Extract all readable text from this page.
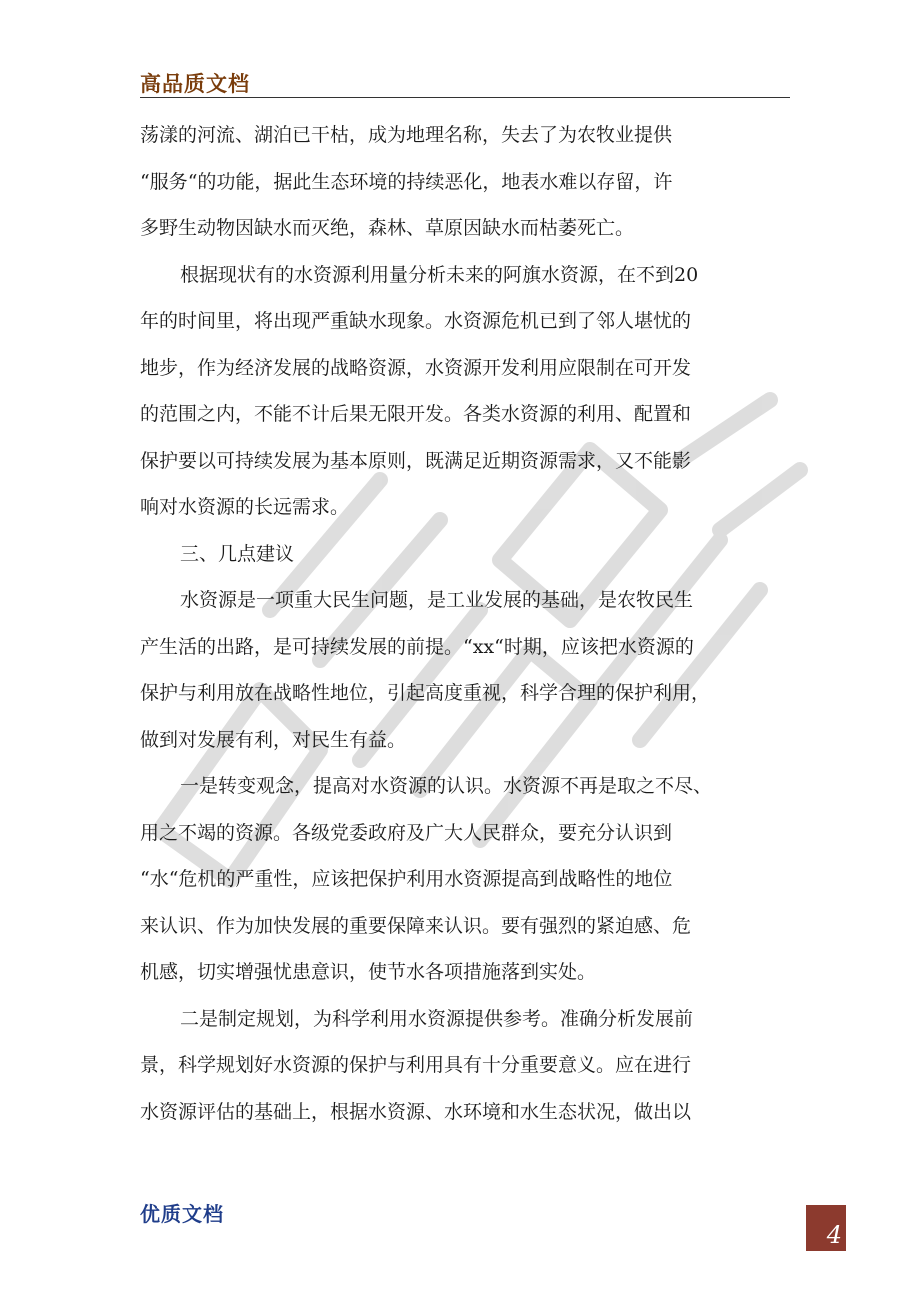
高品质文档
荡漾的河流、湖泊已干枯，成为地理名称，失去了为农牧业提供
“服务“的功能，据此生态环境的持续恶化，地表水难以存留，许
多野生动物因缺水而灭绝，森林、草原因缺水而枯萎死亡。
根据现状有的水资源利用量分析未来的阿旗水资源，在不到20
年的时间里，将出现严重缺水现象。水资源危机已到了邻人堪忧的
地步，作为经济发展的战略资源，水资源开发利用应限制在可开发
的范围之内，不能不计后果无限开发。各类水资源的利用、配置和
保护要以可持续发展为基本原则，既满足近期资源需求，又不能影
响对水资源的长远需求。
三、几点建议
水资源是一项重大民生问题，是工业发展的基础，是农牧民生
产生活的出路，是可持续发展的前提。“xx“时期，应该把水资源的
保护与利用放在战略性地位，引起高度重视，科学合理的保护利用，
做到对发展有利，对民生有益。
一是转变观念，提高对水资源的认识。水资源不再是取之不尽、
用之不竭的资源。各级党委政府及广大人民群众，要充分认识到
“水“危机的严重性，应该把保护利用水资源提高到战略性的地位
来认识、作为加快发展的重要保障来认识。要有强烈的紧迫感、危
机感，切实增强忧患意识，使节水各项措施落到实处。
二是制定规划，为科学利用水资源提供参考。准确分析发展前
景，科学规划好水资源的保护与利用具有十分重要意义。应在进行
水资源评估的基础上，根据水资源、水环境和水生态状况，做出以
优质文档
4
